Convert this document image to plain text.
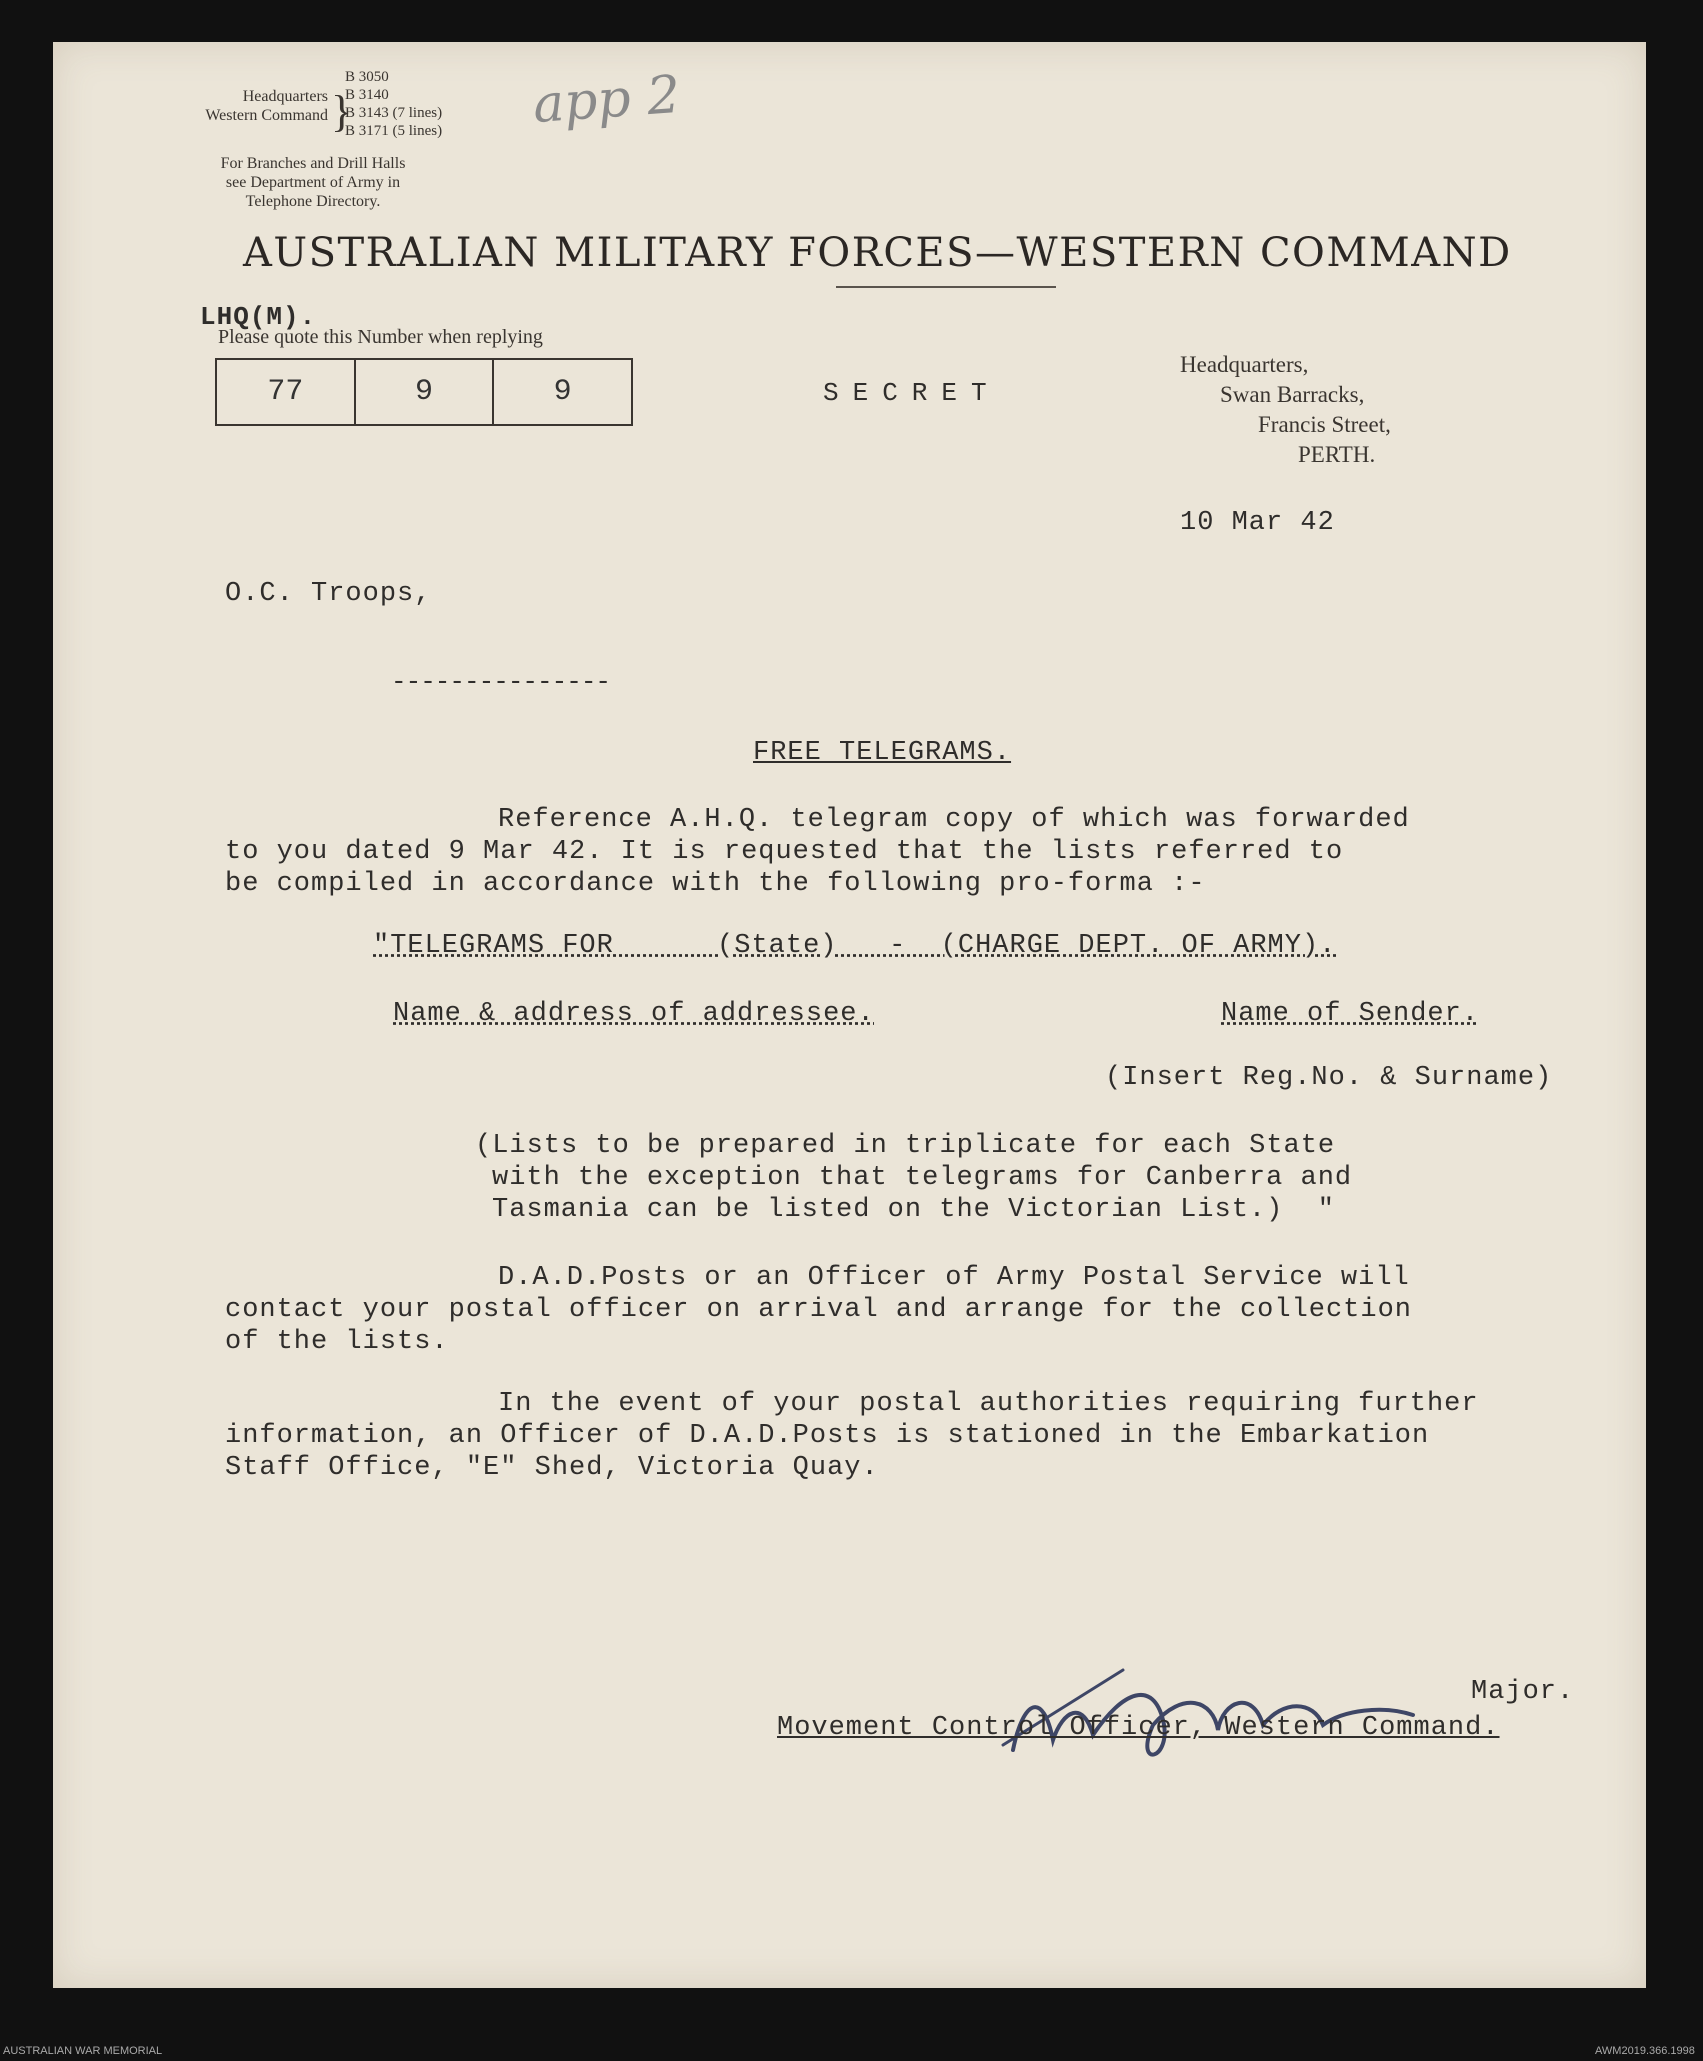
Headquarters
Western Command }
B 3050
B 3140
B 3143 (7 lines)
B 3171 (5 lines)
For Branches and Drill Halls
see Department of Army in
Telephone Directory.
app 2
AUSTRALIAN MILITARY FORCES—WESTERN COMMAND
LHQ(M).
Please quote this Number when replying
77	9	9	SECRET
Headquarters,
Swan Barracks,
Francis Street,
PERTH.
10 Mar 42
O.C. Troops,
---------------
FREE TELEGRAMS.
Reference A.H.Q. telegram copy of which was forwarded
to you dated 9 Mar 42. It is requested that the lists referred to
be compiled in accordance with the following pro-forma :-
"TELEGRAMS FOR      (State)   -  (CHARGE DEPT. OF ARMY).
Name & address of addressee.	Name of Sender.
(Insert Reg.No. & Surname)
(Lists to be prepared in triplicate for each State
with the exception that telegrams for Canberra and
Tasmania can be listed on the Victorian List.)  "
D.A.D.Posts or an Officer of Army Postal Service will
contact your postal officer on arrival and arrange for the collection
of the lists.
In the event of your postal authorities requiring further
information, an Officer of D.A.D.Posts is stationed in the Embarkation
Staff Office, "E" Shed, Victoria Quay.
Major.
Movement Control Officer, Western Command.
AUSTRALIAN WAR MEMORIAL	AWM2019.366.1998
